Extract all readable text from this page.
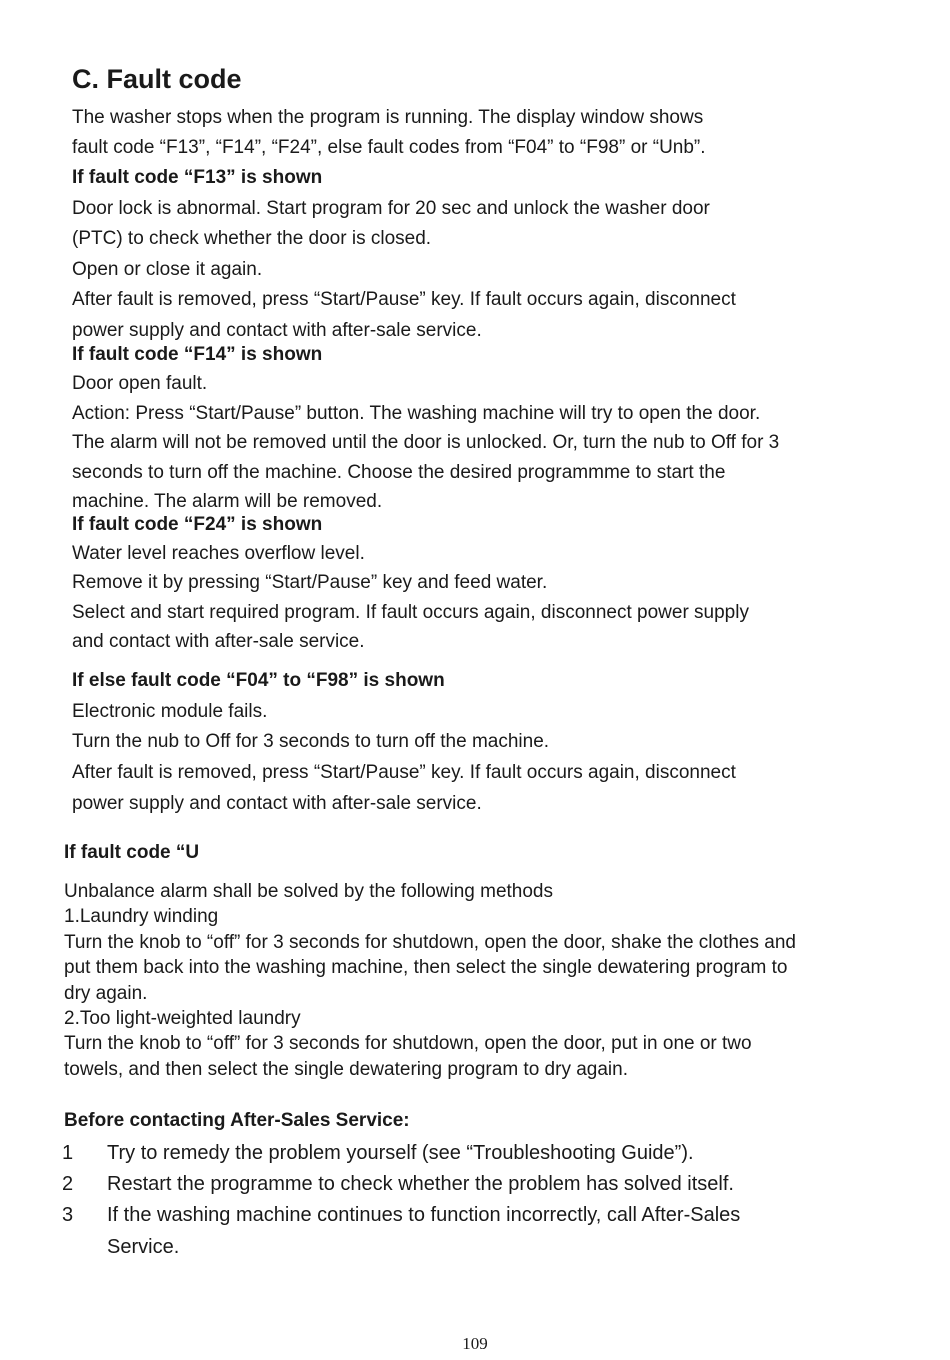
C. Fault code
The washer stops when the program is running. The display window shows
fault code “F13”, “F14”, “F24”, else fault codes from “F04” to “F98” or “Unb”.
If fault code “F13” is shown
Door lock is abnormal. Start program for 20 sec and unlock the washer door
(PTC) to check whether the door is closed.
Open or close it again.
After fault is removed, press “Start/Pause” key. If fault occurs again, disconnect
power supply and contact with after-sale service.
If fault code “F14” is shown
Door open fault.
Action: Press “Start/Pause” button. The washing machine will try to open the door.
The alarm will not be removed until the door is unlocked. Or, turn the nub to Off for 3
seconds to turn off the machine. Choose the desired programmme to start the
machine. The alarm will be removed.
If fault code “F24” is shown
Water level reaches overflow level.
Remove it by pressing “Start/Pause” key and feed water.
Select and start required program. If fault occurs again, disconnect power supply
and contact with after-sale service.
If else fault code “F04” to “F98” is shown
Electronic module fails.
Turn the nub to Off for 3 seconds to turn off the machine.
After fault is removed, press “Start/Pause” key. If fault occurs again, disconnect
power supply and contact with after-sale service.
If fault code “U
Unbalance alarm shall be solved by the following methods
1.Laundry winding
Turn the knob to “off” for 3 seconds for shutdown, open the door, shake the clothes and
put them back into the washing machine, then select the single dewatering program to
dry again.
2.Too light-weighted laundry
Turn the knob to “off” for 3 seconds for shutdown, open the door, put in one or two
towels, and then select the single dewatering program to dry again.
Before contacting After-Sales Service:
1 Try to remedy the problem yourself (see “Troubleshooting Guide”).
2 Restart the programme to check whether the problem has solved itself.
3 If the washing machine continues to function incorrectly, call After-Sales
Service.
109
